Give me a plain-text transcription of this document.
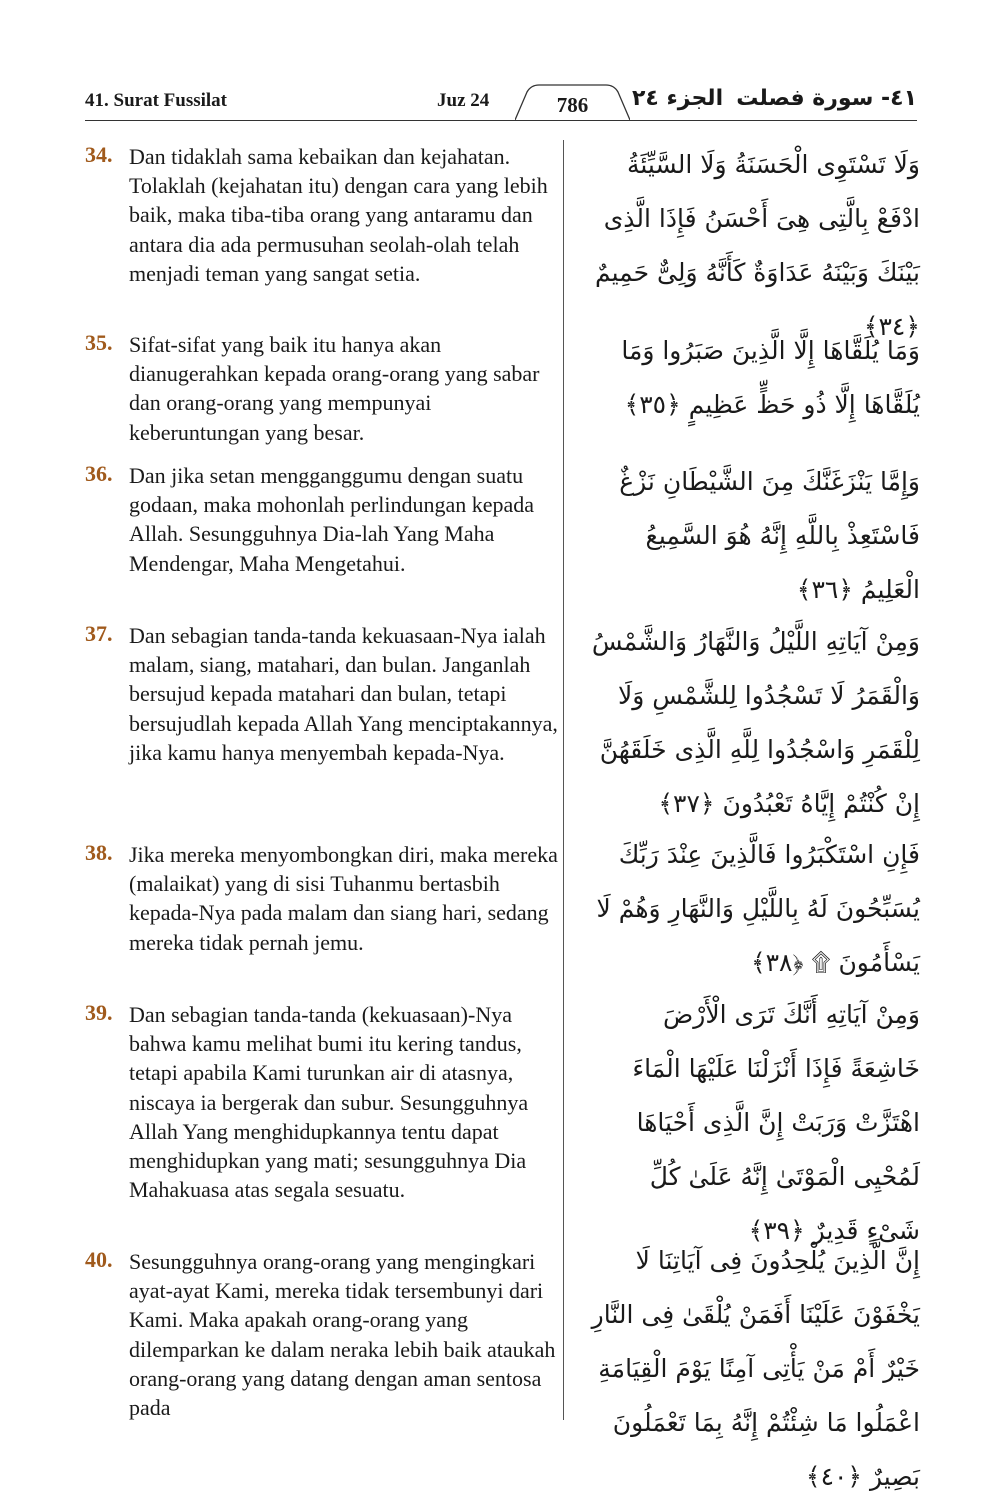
41. Surat Fussilat	Juz 24	786	الجزء ٢٤ ٤١- سورة فصلت
34. Dan tidaklah sama kebaikan dan kejahatan. Tolaklah (kejahatan itu) dengan cara yang lebih baik, maka tiba-tiba orang yang antaramu dan antara dia ada permusuhan seolah-olah telah menjadi teman yang sangat setia.
وَلَا تَسْتَوِى الْحَسَنَةُ وَلَا السَّيِّئَةُ ادْفَعْ بِالَّتِى هِىَ أَحْسَنُ فَإِذَا الَّذِى بَيْنَكَ وَبَيْنَهُ عَدَاوَةٌ كَأَنَّهُ وَلِىٌّ حَمِيمٌ ﴿٣٤﴾
35. Sifat-sifat yang baik itu hanya akan dianugerahkan kepada orang-orang yang sabar dan orang-orang yang mempunyai keberuntungan yang besar.
وَمَا يُلَقَّاهَا إِلَّا الَّذِينَ صَبَرُوا وَمَا يُلَقَّاهَا إِلَّا ذُو حَظٍّ عَظِيمٍ ﴿٣٥﴾
36. Dan jika setan mengganggumu dengan suatu godaan, maka mohonlah perlindungan kepada Allah. Sesungguhnya Dia-lah Yang Maha Mendengar, Maha Mengetahui.
وَإِمَّا يَنْزَغَنَّكَ مِنَ الشَّيْطَانِ نَزْغٌ فَاسْتَعِذْ بِاللَّهِ إِنَّهُ هُوَ السَّمِيعُ الْعَلِيمُ ﴿٣٦﴾
37. Dan sebagian tanda-tanda kekuasaan-Nya ialah malam, siang, matahari, dan bulan. Janganlah bersujud kepada matahari dan bulan, tetapi bersujudlah kepada Allah Yang menciptakannya, jika kamu hanya menyembah kepada-Nya.
وَمِنْ آيَاتِهِ اللَّيْلُ وَالنَّهَارُ وَالشَّمْسُ وَالْقَمَرُ لَا تَسْجُدُوا لِلشَّمْسِ وَلَا لِلْقَمَرِ وَاسْجُدُوا لِلَّهِ الَّذِى خَلَقَهُنَّ إِنْ كُنْتُمْ إِيَّاهُ تَعْبُدُونَ ﴿٣٧﴾
38. Jika mereka menyombongkan diri, maka mereka (malaikat) yang di sisi Tuhanmu bertasbih kepada-Nya pada malam dan siang hari, sedang mereka tidak pernah jemu.
فَإِنِ اسْتَكْبَرُوا فَالَّذِينَ عِنْدَ رَبِّكَ يُسَبِّحُونَ لَهُ بِاللَّيْلِ وَالنَّهَارِ وَهُمْ لَا يَسْأَمُونَ ۩ ﴿٣٨﴾
39. Dan sebagian tanda-tanda (kekuasaan)-Nya bahwa kamu melihat bumi itu kering tandus, tetapi apabila Kami turunkan air di atasnya, niscaya ia bergerak dan subur. Sesungguhnya Allah Yang menghidupkannya tentu dapat menghidupkan yang mati; sesungguhnya Dia Mahakuasa atas segala sesuatu.
وَمِنْ آيَاتِهِ أَنَّكَ تَرَى الْأَرْضَ خَاشِعَةً فَإِذَا أَنْزَلْنَا عَلَيْهَا الْمَاءَ اهْتَزَّتْ وَرَبَتْ إِنَّ الَّذِى أَحْيَاهَا لَمُحْيِى الْمَوْتَىٰ إِنَّهُ عَلَىٰ كُلِّ شَىْءٍ قَدِيرٌ ﴿٣٩﴾
40. Sesungguhnya orang-orang yang mengingkari ayat-ayat Kami, mereka tidak tersembunyi dari Kami. Maka apakah orang-orang yang dilemparkan ke dalam neraka lebih baik ataukah orang-orang yang datang dengan aman sentosa pada
إِنَّ الَّذِينَ يُلْحِدُونَ فِى آيَاتِنَا لَا يَخْفَوْنَ عَلَيْنَا أَفَمَنْ يُلْقَىٰ فِى النَّارِ خَيْرٌ أَمْ مَنْ يَأْتِى آمِنًا يَوْمَ الْقِيَامَةِ اعْمَلُوا مَا شِئْتُمْ إِنَّهُ بِمَا تَعْمَلُونَ بَصِيرٌ ﴿٤٠﴾
